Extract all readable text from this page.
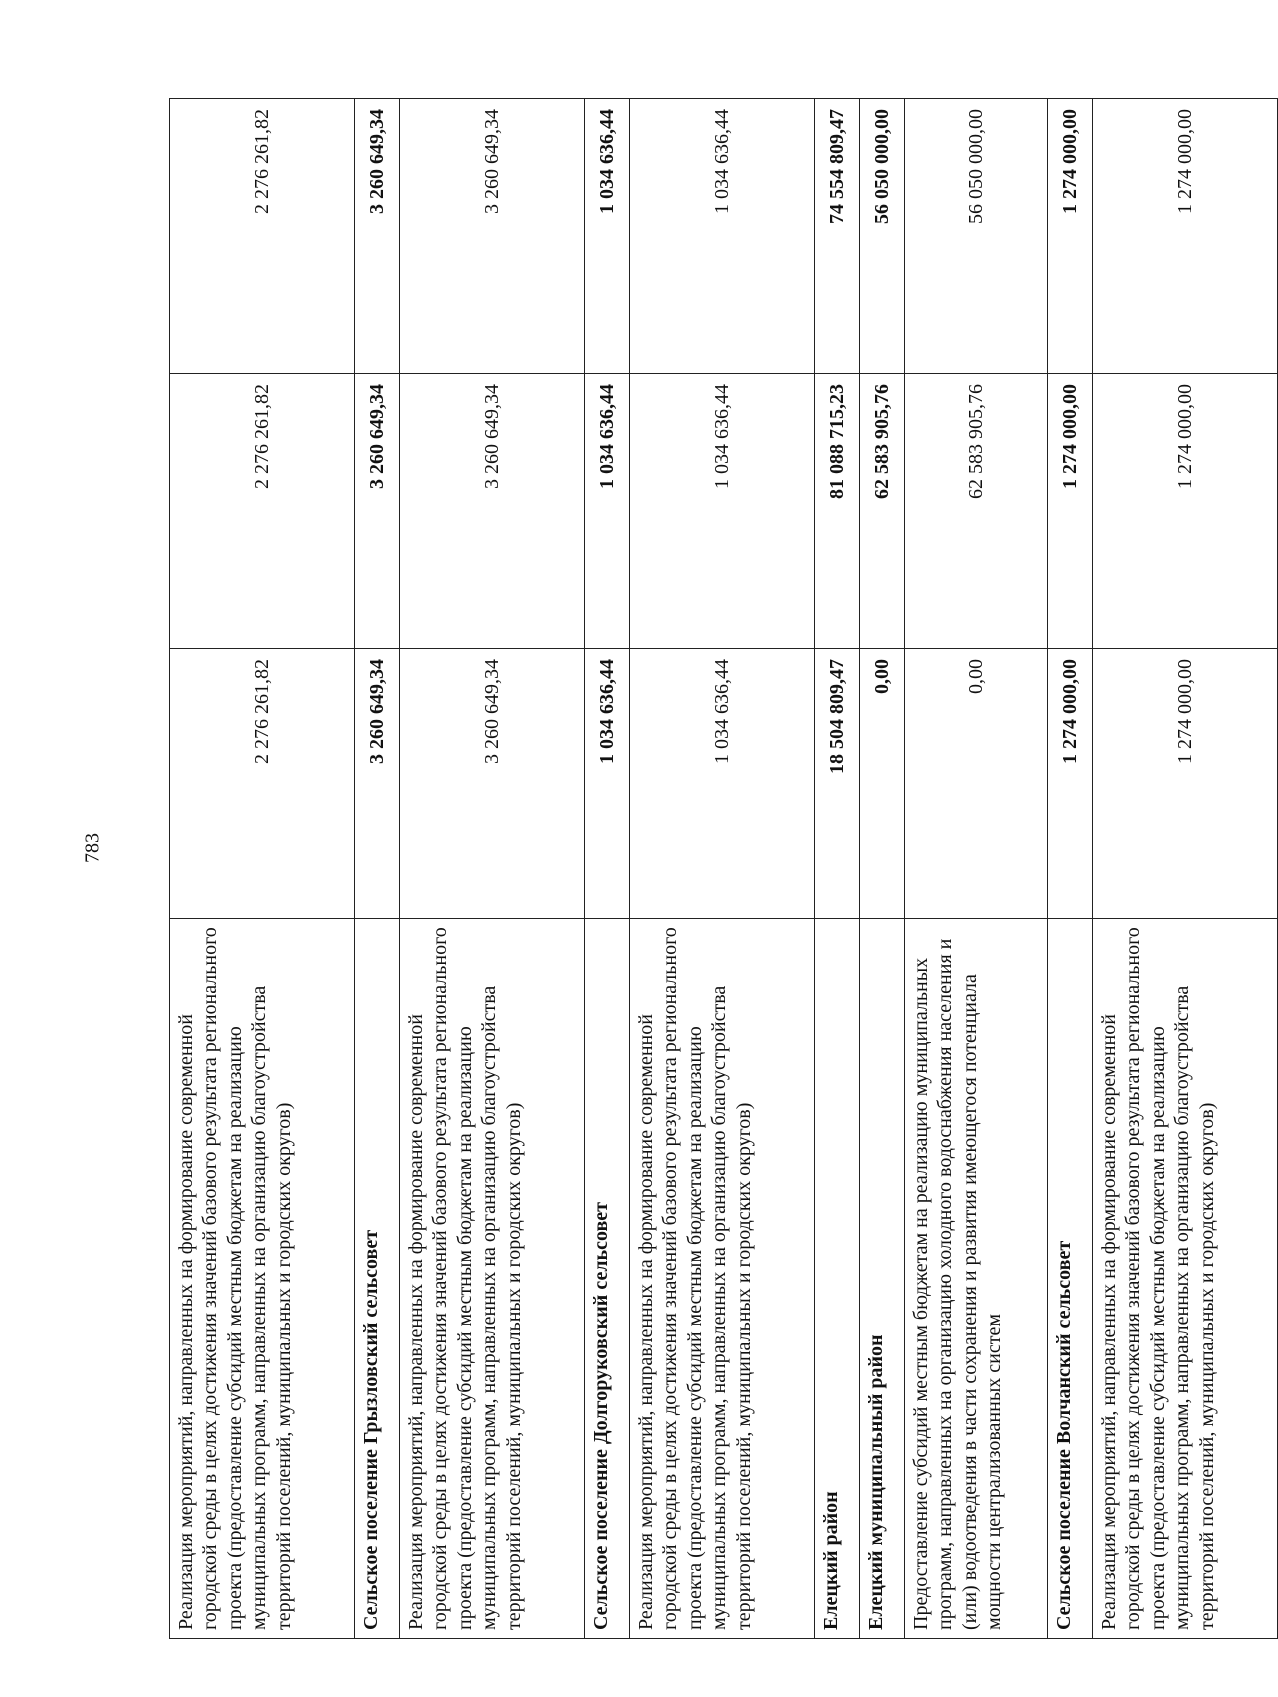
783
Реализация мероприятий, направленных на формирование современной городской среды в целях достижения значений базового результата регионального проекта (предоставление субсидий местным бюджетам на реализацию муниципальных программ, направленных на организацию благоустройства территорий поселений, муниципальных и городских округов)	2 276 261,82	2 276 261,82	2 276 261,82
Сельское поселение Грызловский сельсовет	3 260 649,34	3 260 649,34	3 260 649,34
Реализация мероприятий, направленных на формирование современной городской среды в целях достижения значений базового результата регионального проекта (предоставление субсидий местным бюджетам на реализацию муниципальных программ, направленных на организацию благоустройства территорий поселений, муниципальных и городских округов)	3 260 649,34	3 260 649,34	3 260 649,34
Сельское поселение Долгоруковский сельсовет	1 034 636,44	1 034 636,44	1 034 636,44
Реализация мероприятий, направленных на формирование современной городской среды в целях достижения значений базового результата регионального проекта (предоставление субсидий местным бюджетам на реализацию муниципальных программ, направленных на организацию благоустройства территорий поселений, муниципальных и городских округов)	1 034 636,44	1 034 636,44	1 034 636,44
Елецкий район	18 504 809,47	81 088 715,23	74 554 809,47
Елецкий муниципальный район	0,00	62 583 905,76	56 050 000,00
Предоставление субсидий местным бюджетам на реализацию муниципальных программ, направленных на организацию холодного водоснабжения населения и (или) водоотведения в части сохранения и развития имеющегося потенциала мощности централизованных систем	0,00	62 583 905,76	56 050 000,00
Сельское поселение Волчанский сельсовет	1 274 000,00	1 274 000,00	1 274 000,00
Реализация мероприятий, направленных на формирование современной городской среды в целях достижения значений базового результата регионального проекта (предоставление субсидий местным бюджетам на реализацию муниципальных программ, направленных на организацию благоустройства территорий поселений, муниципальных и городских округов)	1 274 000,00	1 274 000,00	1 274 000,00
